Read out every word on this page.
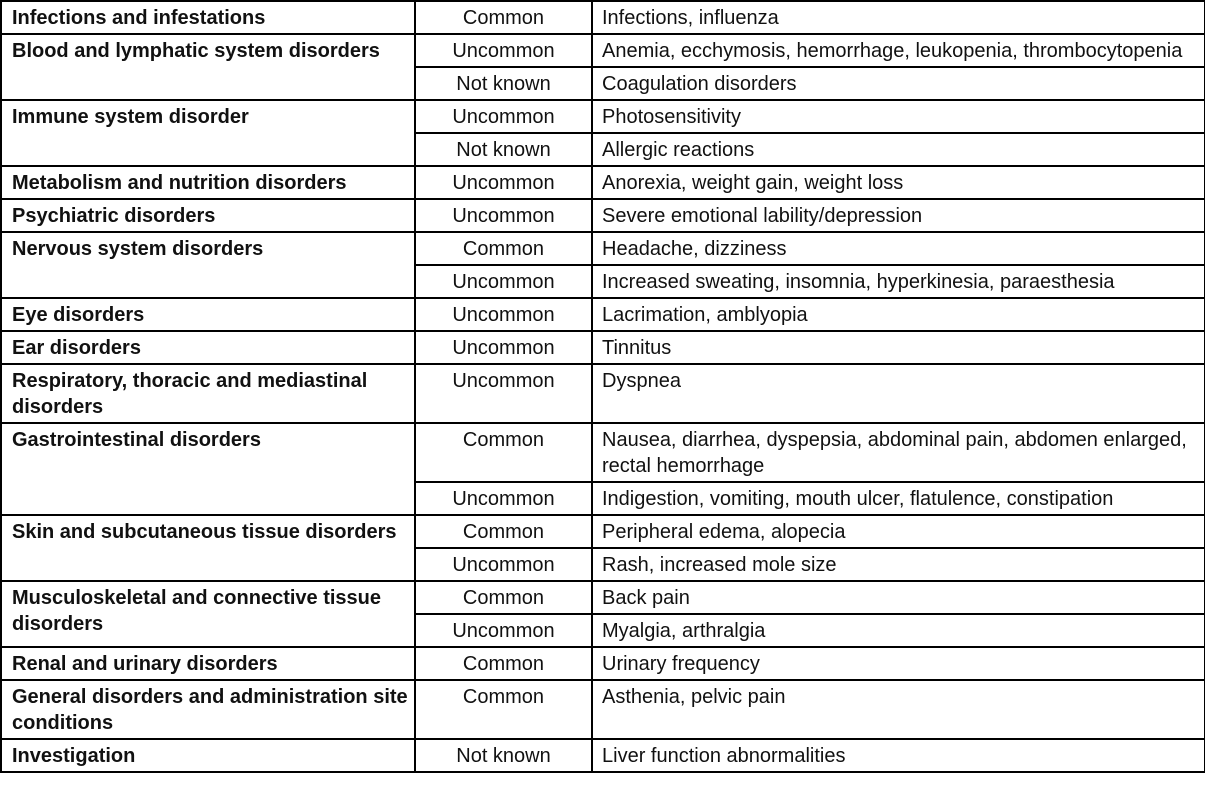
Infections and infestations	Common	Infections, influenza
Blood and lymphatic system disorders	Uncommon	Anemia, ecchymosis, hemorrhage, leukopenia, thrombocytopenia
	Not known	Coagulation disorders
Immune system disorder	Uncommon	Photosensitivity
	Not known	Allergic reactions
Metabolism and nutrition disorders	Uncommon	Anorexia, weight gain, weight loss
Psychiatric disorders	Uncommon	Severe emotional lability/depression
Nervous system disorders	Common	Headache, dizziness
	Uncommon	Increased sweating, insomnia, hyperkinesia, paraesthesia
Eye disorders	Uncommon	Lacrimation, amblyopia
Ear disorders	Uncommon	Tinnitus
Respiratory, thoracic and mediastinal disorders	Uncommon	Dyspnea
Gastrointestinal disorders	Common	Nausea, diarrhea, dyspepsia, abdominal pain, abdomen enlarged, rectal hemorrhage
	Uncommon	Indigestion, vomiting, mouth ulcer, flatulence, constipation
Skin and subcutaneous tissue disorders	Common	Peripheral edema, alopecia
	Uncommon	Rash, increased mole size
Musculoskeletal and connective tissue disorders	Common	Back pain
	Uncommon	Myalgia, arthralgia
Renal and urinary disorders	Common	Urinary frequency
General disorders and administration site conditions	Common	Asthenia, pelvic pain
Investigation	Not known	Liver function abnormalities
